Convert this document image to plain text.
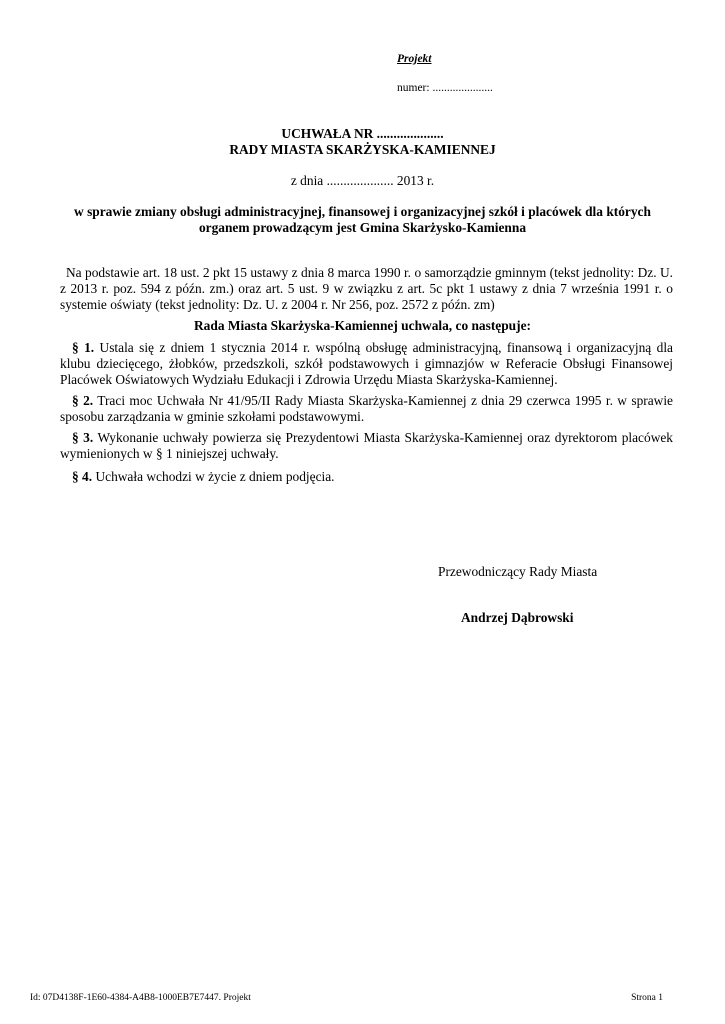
Projekt
numer: .....................
UCHWAŁA NR ....................
RADY MIASTA SKARŻYSKA-KAMIENNEJ
z dnia .................... 2013 r.
w sprawie zmiany obsługi administracyjnej, finansowej i organizacyjnej szkół i placówek dla których organem prowadzącym jest Gmina Skarżysko-Kamienna
Na podstawie art. 18 ust. 2 pkt 15 ustawy z dnia 8 marca 1990 r. o samorządzie gminnym (tekst jednolity: Dz. U. z 2013 r. poz. 594 z późn. zm.) oraz art. 5 ust. 9 w związku z art. 5c pkt 1 ustawy z dnia 7 września 1991 r. o systemie oświaty (tekst jednolity: Dz. U. z 2004 r. Nr 256, poz. 2572 z późn. zm)
Rada Miasta Skarżyska-Kamiennej uchwala, co następuje:
§ 1. Ustala się z dniem 1 stycznia 2014 r. wspólną obsługę administracyjną, finansową i organizacyjną dla klubu dziecięcego, żłobków, przedszkoli, szkół podstawowych i gimnazjów w Referacie Obsługi Finansowej Placówek Oświatowych Wydziału Edukacji i Zdrowia Urzędu Miasta Skarżyska-Kamiennej.
§ 2. Traci moc Uchwała Nr 41/95/II Rady Miasta Skarżyska-Kamiennej z dnia 29 czerwca 1995 r. w sprawie sposobu zarządzania w gminie szkołami podstawowymi.
§ 3. Wykonanie uchwały powierza się Prezydentowi Miasta Skarżyska-Kamiennej oraz dyrektorom placówek wymienionych w § 1 niniejszej uchwały.
§ 4. Uchwała wchodzi w życie z dniem podjęcia.
Przewodniczący Rady Miasta
Andrzej Dąbrowski
Id: 07D4138F-1E60-4384-A4B8-1000EB7E7447. Projekt	Strona 1
